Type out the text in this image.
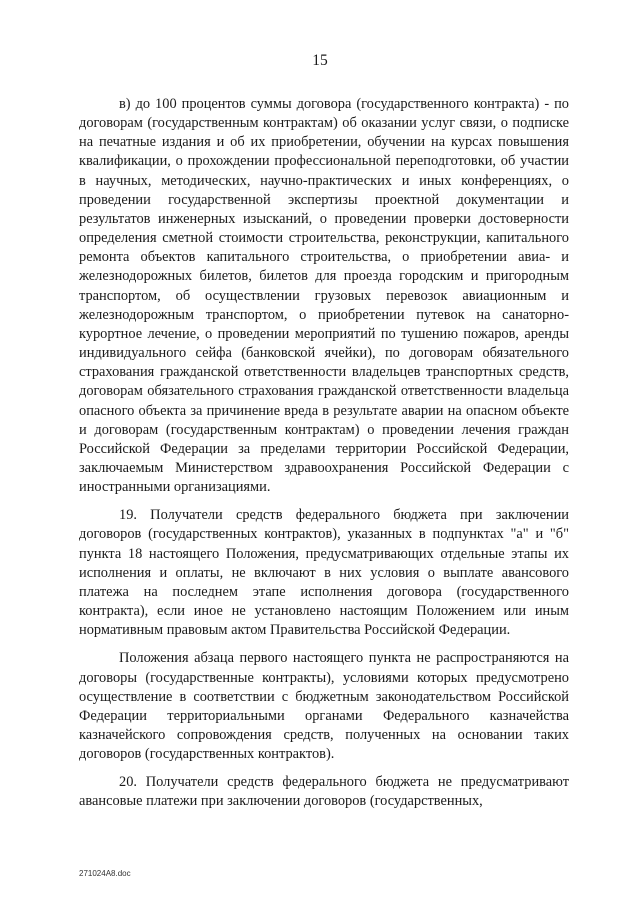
15

в) до 100 процентов суммы договора (государственного контракта) - по договорам (государственным контрактам) об оказании услуг связи, о подписке на печатные издания и об их приобретении, обучении на курсах повышения квалификации, о прохождении профессиональной переподготовки, об участии в научных, методических, научно-практических и иных конференциях, о проведении государственной экспертизы проектной документации и результатов инженерных изысканий, о проведении проверки достоверности определения сметной стоимости строительства, реконструкции, капитального ремонта объектов капитального строительства, о приобретении авиа- и железнодорожных билетов, билетов для проезда городским и пригородным транспортом, об осуществлении грузовых перевозок авиационным и железнодорожным транспортом, о приобретении путевок на санаторно-курортное лечение, о проведении мероприятий по тушению пожаров, аренды индивидуального сейфа (банковской ячейки), по договорам обязательного страхования гражданской ответственности владельцев транспортных средств, договорам обязательного страхования гражданской ответственности владельца опасного объекта за причинение вреда в результате аварии на опасном объекте и договорам (государственным контрактам) о проведении лечения граждан Российской Федерации за пределами территории Российской Федерации, заключаемым Министерством здравоохранения Российской Федерации с иностранными организациями.

19. Получатели средств федерального бюджета при заключении договоров (государственных контрактов), указанных в подпунктах "а" и "б" пункта 18 настоящего Положения, предусматривающих отдельные этапы их исполнения и оплаты, не включают в них условия о выплате авансового платежа на последнем этапе исполнения договора (государственного контракта), если иное не установлено настоящим Положением или иным нормативным правовым актом Правительства Российской Федерации.

Положения абзаца первого настоящего пункта не распространяются на договоры (государственные контракты), условиями которых предусмотрено осуществление в соответствии с бюджетным законодательством Российской Федерации территориальными органами Федерального казначейства казначейского сопровождения средств, полученных на основании таких договоров (государственных контрактов).

20. Получатели средств федерального бюджета не предусматривают авансовые платежи при заключении договоров (государственных,

271024A8.doc
